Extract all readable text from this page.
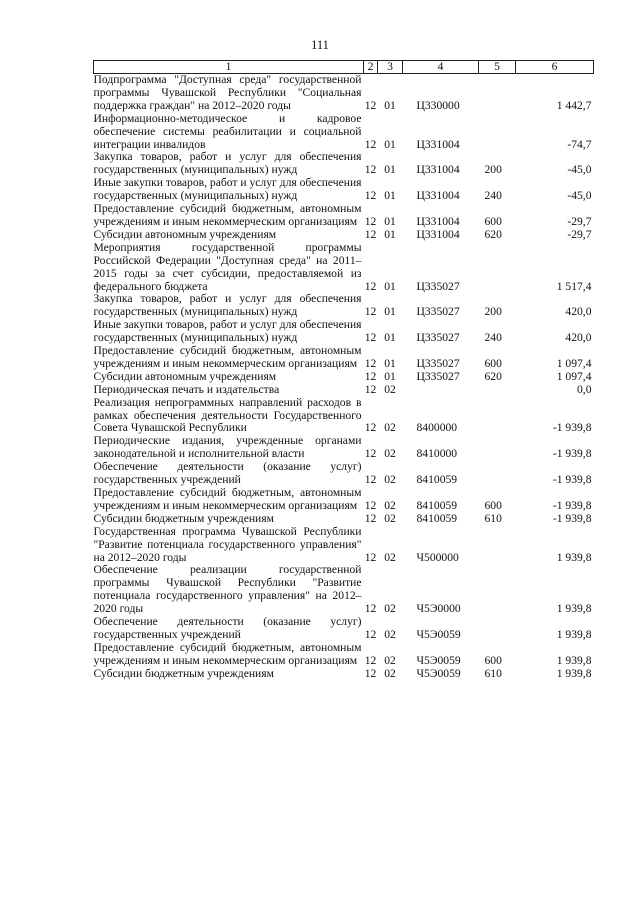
111
1	2	3	4	5	6
Подпрограмма "Доступная среда" государственной программы Чувашской Республики "Социальная поддержка граждан" на 2012–2020 годы	12	01	Ц330000		1 442,7
Информационно-методическое и кадровое обеспечение системы реабилитации и социальной интеграции инвалидов	12	01	Ц331004		-74,7
Закупка товаров, работ и услуг для обеспечения государственных (муниципальных) нужд	12	01	Ц331004	200	-45,0
Иные закупки товаров, работ и услуг для обеспечения государственных (муниципальных) нужд	12	01	Ц331004	240	-45,0
Предоставление субсидий бюджетным, автономным учреждениям и иным некоммерческим организациям	12	01	Ц331004	600	-29,7
Субсидии автономным учреждениям	12	01	Ц331004	620	-29,7
Мероприятия государственной программы Российской Федерации "Доступная среда" на 2011–2015 годы за счет субсидии, предоставляемой из федерального бюджета	12	01	Ц335027		1 517,4
Закупка товаров, работ и услуг для обеспечения государственных (муниципальных) нужд	12	01	Ц335027	200	420,0
Иные закупки товаров, работ и услуг для обеспечения государственных (муниципальных) нужд	12	01	Ц335027	240	420,0
Предоставление субсидий бюджетным, автономным учреждениям и иным некоммерческим организациям	12	01	Ц335027	600	1 097,4
Субсидии автономным учреждениям	12	01	Ц335027	620	1 097,4
Периодическая печать и издательства	12	02			0,0
Реализация непрограммных направлений расходов в рамках обеспечения деятельности Государственного Совета Чувашской Республики	12	02	8400000		-1 939,8
Периодические издания, учрежденные органами законодательной и исполнительной власти	12	02	8410000		-1 939,8
Обеспечение деятельности (оказание услуг) государственных учреждений	12	02	8410059		-1 939,8
Предоставление субсидий бюджетным, автономным учреждениям и иным некоммерческим организациям	12	02	8410059	600	-1 939,8
Субсидии бюджетным учреждениям	12	02	8410059	610	-1 939,8
Государственная программа Чувашской Республики "Развитие потенциала государственного управления" на 2012–2020 годы	12	02	Ч500000		1 939,8
Обеспечение реализации государственной программы Чувашской Республики "Развитие потенциала государственного управления" на 2012–2020 годы	12	02	Ч5Э0000		1 939,8
Обеспечение деятельности (оказание услуг) государственных учреждений	12	02	Ч5Э0059		1 939,8
Предоставление субсидий бюджетным, автономным учреждениям и иным некоммерческим организациям	12	02	Ч5Э0059	600	1 939,8
Субсидии бюджетным учреждениям	12	02	Ч5Э0059	610	1 939,8
